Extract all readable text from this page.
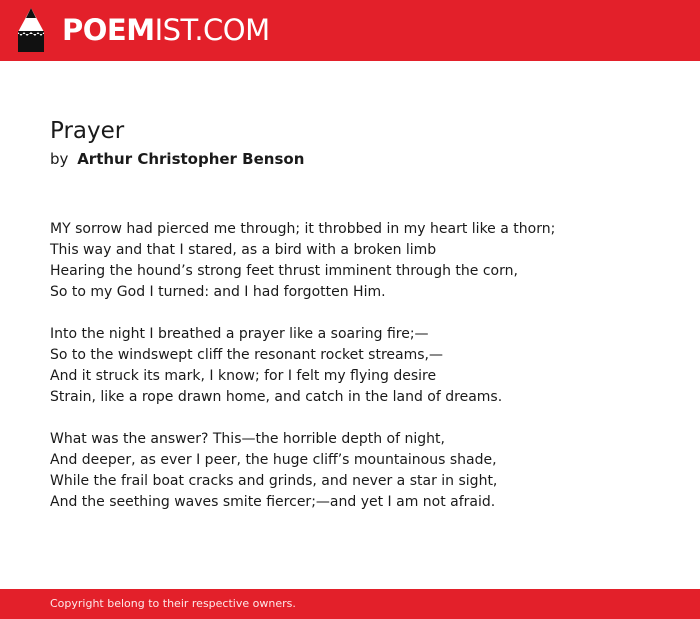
POEMIST.COM
Prayer
by Arthur Christopher Benson
MY sorrow had pierced me through; it throbbed in my heart like a thorn;
This way and that I stared, as a bird with a broken limb
Hearing the hound’s strong feet thrust imminent through the corn,
So to my God I turned: and I had forgotten Him.
Into the night I breathed a prayer like a soaring fire;—
So to the windswept cliff the resonant rocket streams,—
And it struck its mark, I know; for I felt my flying desire
Strain, like a rope drawn home, and catch in the land of dreams.
What was the answer? This—the horrible depth of night,
And deeper, as ever I peer, the huge cliff’s mountainous shade,
While the frail boat cracks and grinds, and never a star in sight,
And the seething waves smite fiercer;—and yet I am not afraid.
Copyright belong to their respective owners.
